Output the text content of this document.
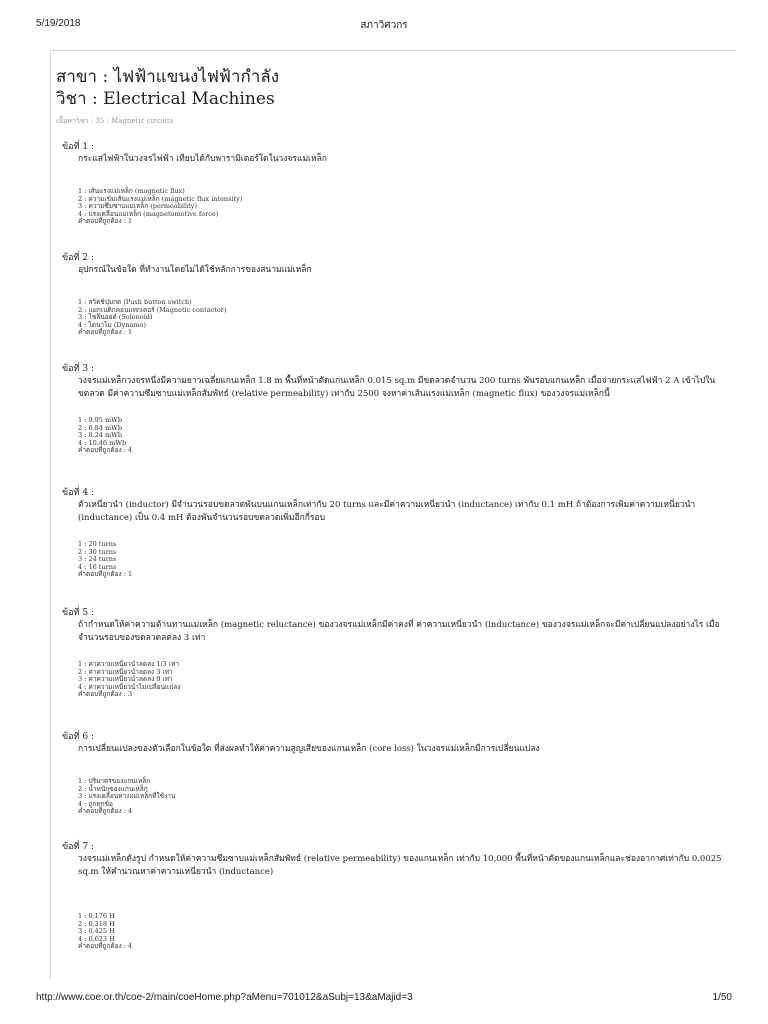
5/19/2018	สภาวิศวกร
สาขา : ไฟฟ้าแขนงไฟฟ้ากำลัง
วิชา : Electrical Machines
เนื้อหาวิชา : 35 : Magnetic circuits
ข้อที่ 1 :
กระแสไฟฟ้าในวงจรไฟฟ้า เทียบได้กับพารามิเตอร์ใดในวงจรแม่เหล็ก
1 : เส้นแรงแม่เหล็ก (magnetic flux)
2 : ความเข้มเส้นแรงแม่เหล็ก (magnetic flux intensity)
3 : ความซึมซาบแม่เหล็ก (permeability)
4 : แรงเคลื่อนแม่เหล็ก (magnetomotive force)
คำตอบที่ถูกต้อง : 1
ข้อที่ 2 :
อุปกรณ์ในข้อใด ที่ทำงานโดยไม่ได้ใช้หลักการของสนามแม่เหล็ก
1 : สวิตช์ปุ่มกด (Push button switch)
2 : แมกเนติกคอนแทกเตอร์ (Magnetic contactor)
3 : โซลีนอยด์ (Solenoid)
4 : ไดนาโม (Dynamo)
คำตอบที่ถูกต้อง : 1
ข้อที่ 3 :
วงจรแม่เหล็กวงจรหนึ่งมีความยาวเฉลี่ยแกนเหล็ก 1.8 m พื้นที่หน้าตัดแกนเหล็ก 0.015 sq.m มีขดลวดจำนวน 200 turns พันรอบแกนเหล็ก เมื่อจ่ายกระแสไฟฟ้า 2 A เข้าไปในขดลวด มีค่าความซึมซาบแม่เหล็กสัมพัทธ์ (relative permeability) เท่ากับ 2500 จงหาค่าเส้นแรงแม่เหล็ก (magnetic flux) ของวงจรแม่เหล็กนี้
1 : 9.95 mWb
2 : 6.84 mWb
3 : 8.24 mWb
4 : 10.46 mWb
คำตอบที่ถูกต้อง : 4
ข้อที่ 4 :
ตัวเหนี่ยวนำ (inductor) มีจำนวนรอบขดลวดพันบนแกนเหล็กเท่ากับ 20 turns และมีค่าความเหนี่ยวนำ (inductance) เท่ากับ 0.1 mH ถ้าต้องการเพิ่มค่าความเหนี่ยวนำ (inductance) เป็น 0.4 mH ต้องพันจำนวนรอบขดลวดเพิ่มอีกกี่รอบ
1 : 20 turns
2 : 30 turns
3 : 24 turns
4 : 16 turns
คำตอบที่ถูกต้อง : 1
ข้อที่ 5 :
ถ้ากำหนดให้ค่าความต้านทานแม่เหล็ก (magnetic reluctance) ของวงจรแม่เหล็กมีค่าคงที่ ค่าความเหนี่ยวนำ (inductance) ของวงจรแม่เหล็กจะมีค่าเปลี่ยนแปลงอย่างไร เมื่อจำนวนรอบของขดลวดลดลง 3 เท่า
1 : ค่าความเหนี่ยวนำลดลง 1/3 เท่า
2 : ค่าความเหนี่ยวนำลดลง 3 เท่า
3 : ค่าความเหนี่ยวนำลดลง 9 เท่า
4 : ค่าความเหนี่ยวนำไม่เปลี่ยนแปลง
คำตอบที่ถูกต้อง : 3
ข้อที่ 6 :
การเปลี่ยนแปลงของตัวเลือกในข้อใด ที่ส่งผลทำให้ค่าความสูญเสียของแกนเหล็ก (core loss) ในวงจรแม่เหล็กมีการเปลี่ยนแปลง
1 : ปริมาตรของแกนเหล็ก
2 : น้ำหนักของแกนเหล็ก
3 : แรงเคลื่อนทางแม่เหล็กที่ใช้งาน
4 : ถูกทุกข้อ
คำตอบที่ถูกต้อง : 4
ข้อที่ 7 :
วงจรแม่เหล็กดังรูป กำหนดให้ค่าความซึมซาบแม่เหล็กสัมพัทธ์ (relative permeability) ของแกนเหล็ก เท่ากับ 10,000 พื้นที่หน้าตัดของแกนเหล็กและช่องอากาศเท่ากับ 0.0025 sq.m ให้คำนวณหาค่าความเหนี่ยวนำ (inductance)
1 : 0.176 H
2 : 0.318 H
3 : 0.425 H
4 : 0.623 H
คำตอบที่ถูกต้อง : 4
http://www.coe.or.th/coe-2/main/coeHome.php?aMenu=701012&aSubj=13&aMajid=3	1/50
